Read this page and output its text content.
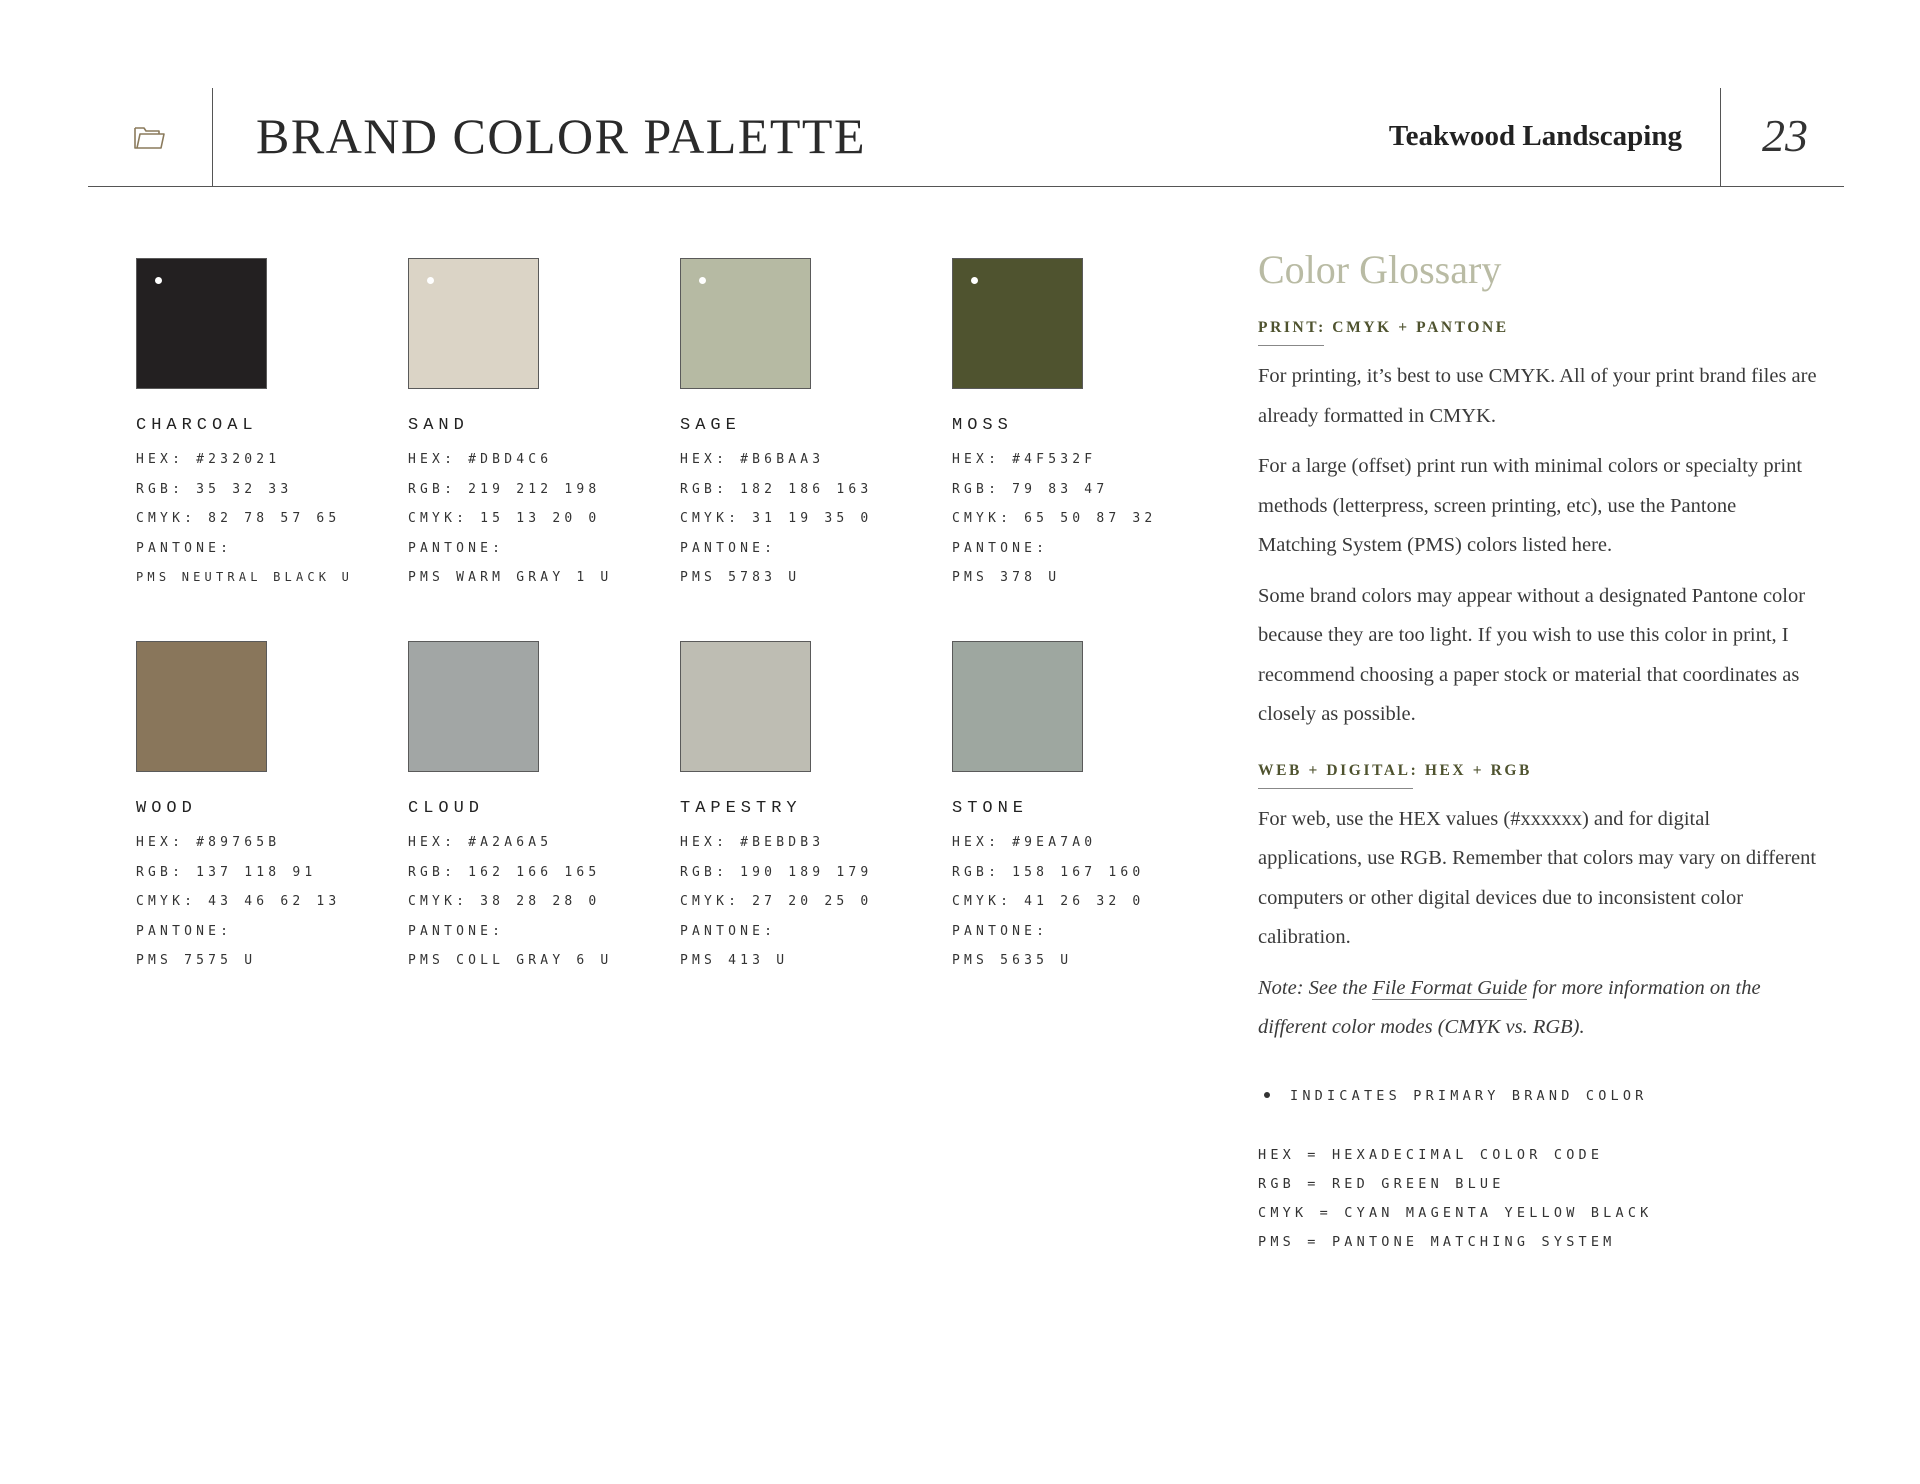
BRAND COLOR PALETTE	Teakwood Landscaping 23
CHARCOAL
HEX: #232021
RGB: 35 32 33
CMYK: 82 78 57 65
PANTONE:
PMS NEUTRAL BLACK U
SAND
HEX: #DBD4C6
RGB: 219 212 198
CMYK: 15 13 20 0
PANTONE:
PMS WARM GRAY 1 U
SAGE
HEX: #B6BAA3
RGB: 182 186 163
CMYK: 31 19 35 0
PANTONE:
PMS 5783 U
MOSS
HEX: #4F532F
RGB: 79 83 47
CMYK: 65 50 87 32
PANTONE:
PMS 378 U
WOOD
HEX: #89765B
RGB: 137 118 91
CMYK: 43 46 62 13
PANTONE:
PMS 7575 U
CLOUD
HEX: #A2A6A5
RGB: 162 166 165
CMYK: 38 28 28 0
PANTONE:
PMS COLL GRAY 6 U
TAPESTRY
HEX: #BEBDB3
RGB: 190 189 179
CMYK: 27 20 25 0
PANTONE:
PMS 413 U
STONE
HEX: #9EA7A0
RGB: 158 167 160
CMYK: 41 26 32 0
PANTONE:
PMS 5635 U
Color Glossary
PRINT: CMYK + PANTONE

For printing, it’s best to use CMYK. All of your print brand files are already formatted in CMYK.

For a large (offset) print run with minimal colors or specialty print methods (letterpress, screen printing, etc), use the Pantone Matching System (PMS) colors listed here.

Some brand colors may appear without a designated Pantone color because they are too light. If you wish to use this color in print, I recommend choosing a paper stock or material that coordinates as closely as possible.

WEB + DIGITAL: HEX + RGB

For web, use the HEX values (#xxxxxx) and for digital applications, use RGB. Remember that colors may vary on different computers or other digital devices due to inconsistent color calibration.

Note: See the File Format Guide for more information on the different color modes (CMYK vs. RGB).

INDICATES PRIMARY BRAND COLOR
HEX = HEXADECIMAL COLOR CODE
RGB = RED GREEN BLUE
CMYK = CYAN MAGENTA YELLOW BLACK
PMS = PANTONE MATCHING SYSTEM
